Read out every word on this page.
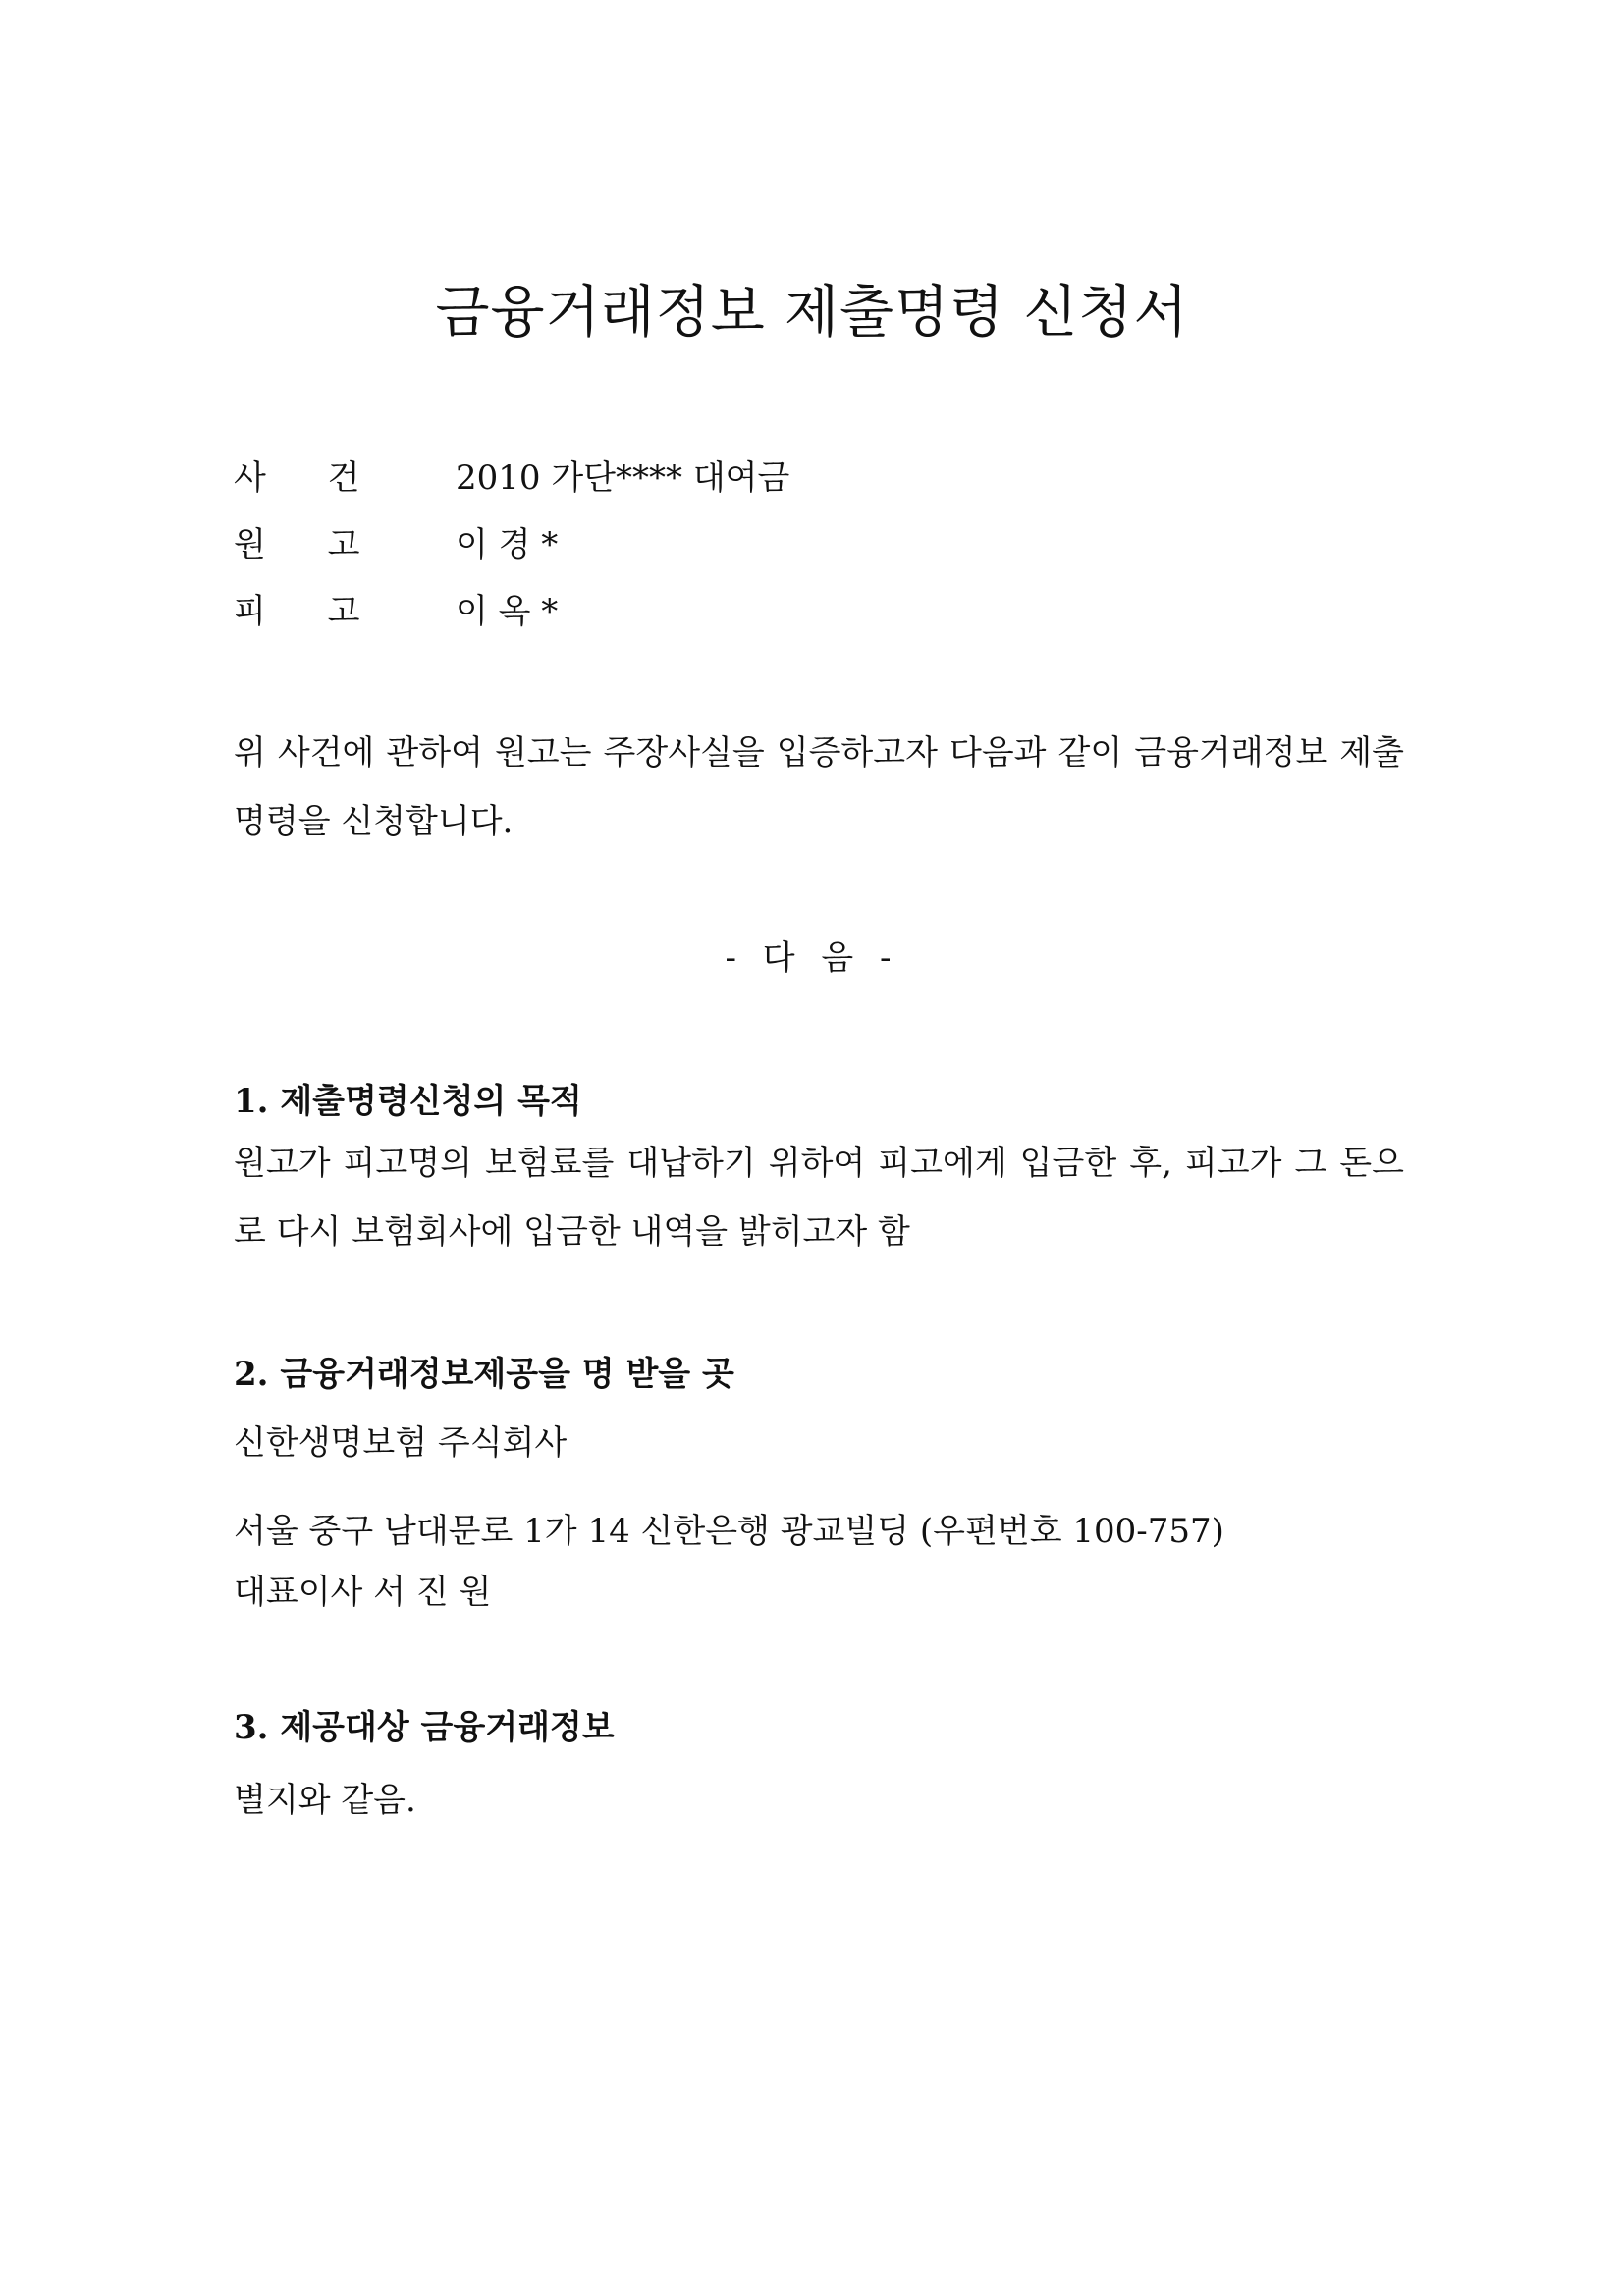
금융거래정보 제출명령 신청서
사 건	2010 가단**** 대여금
원 고	이 경 *
피 고	이 옥 *
위 사건에 관하여 원고는 주장사실을 입증하고자 다음과 같이 금융거래정보 제출명령을 신청합니다.
- 다 음 -
1. 제출명령신청의 목적
원고가 피고명의 보험료를 대납하기 위하여 피고에게 입금한 후, 피고가 그 돈으로 다시 보험회사에 입금한 내역을 밝히고자 함
2. 금융거래정보제공을 명 받을 곳
신한생명보험 주식회사
서울 중구 남대문로 1가 14 신한은행 광교빌딩 (우편번호 100-757)
대표이사 서 진 원
3. 제공대상 금융거래정보
별지와 같음.
